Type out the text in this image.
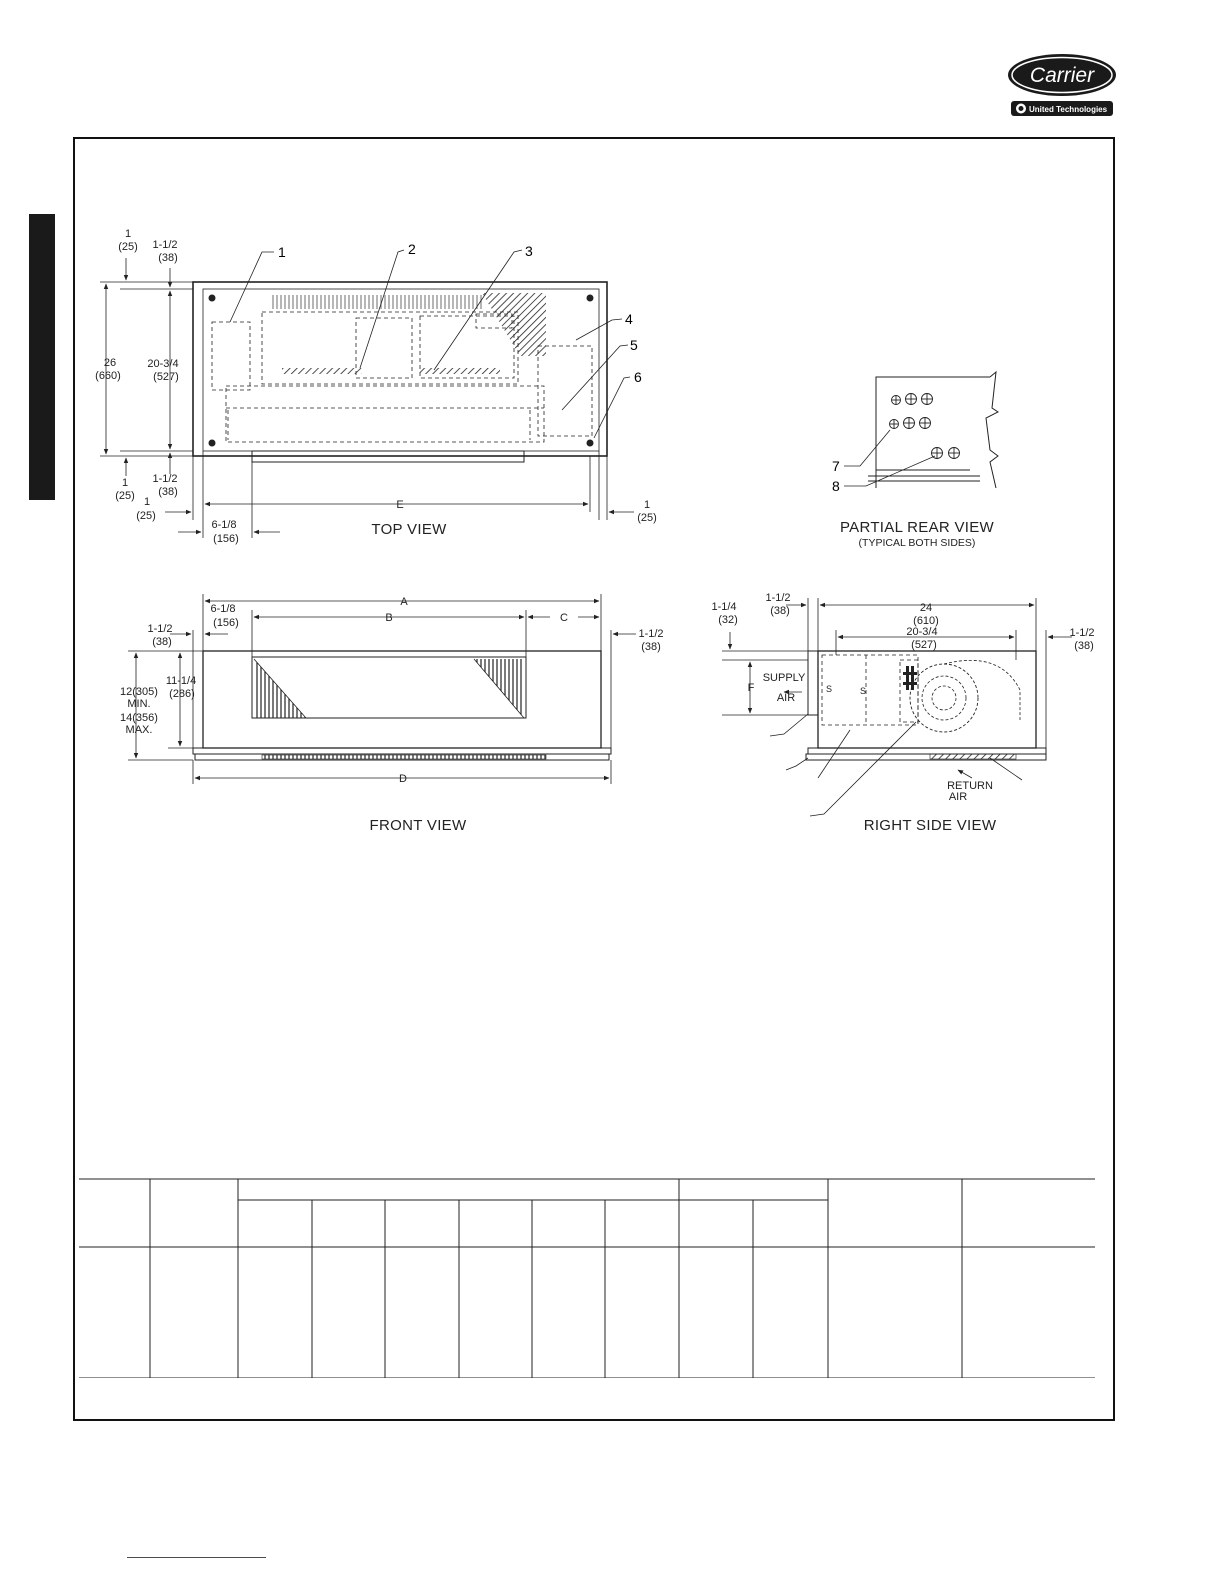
Carrier
United Technologies
1
(25) 1-1/2
(38)
26
(660)
20-3/4
(527)
1-1/2
(38)
1
(25) 1
(25)
6-1/8
(156)
E	1
(25)
TOP VIEW
1	2	3
4
5
6
7
8
PARTIAL REAR VIEW
(TYPICAL BOTH SIDES)
A
B	C
D
6-1/8
(156)
1-1/2
(38)
1-1/2
(38)
11-1/4
(286)
12(305)
MIN.
14(356)
MAX.
FRONT VIEW
S	S
1-1/4
(32)
1-1/2
(38)	24
(610)
20-3/4
(527)
1-1/2
(38)
F
SUPPLY
AIR
RETURN
AIR
RIGHT SIDE VIEW
